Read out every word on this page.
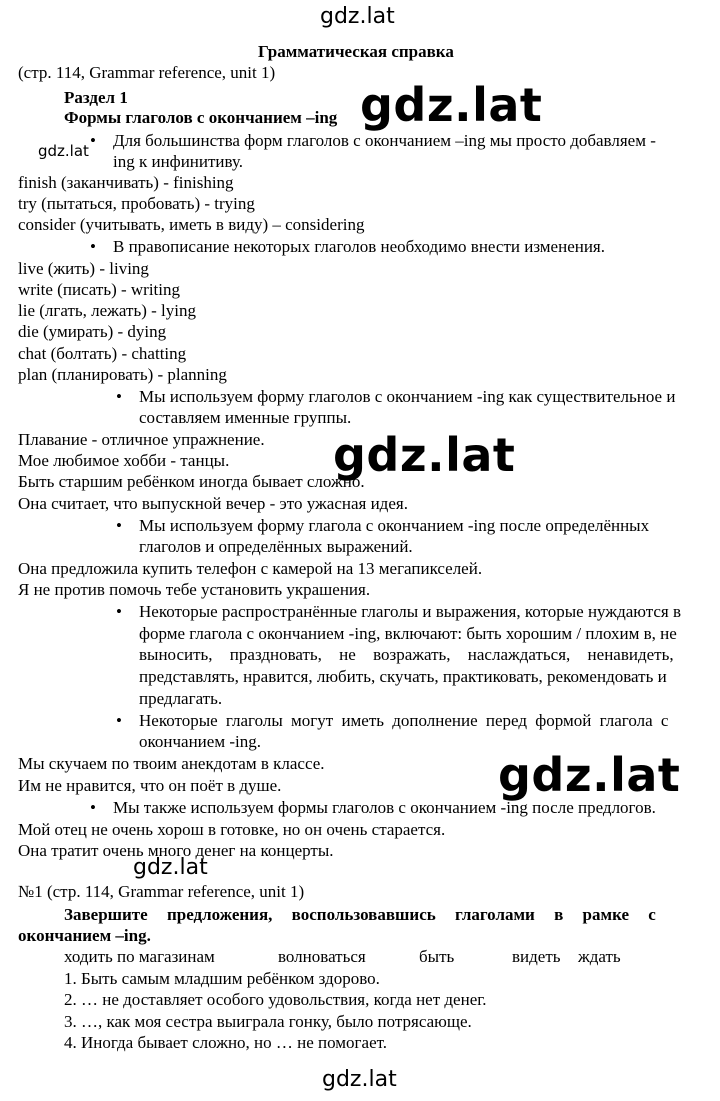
gdz.lat
gdz.lat
gdz.lat
gdz.lat
gdz.lat
gdz.lat
gdz.lat
Грамматическая справка
(стр. 114, Grammar reference, unit 1)
Раздел 1
Формы глаголов с окончанием –ing
• Для большинства форм глаголов с окончанием –ing мы просто добавляем -
ing к инфинитиву.
finish (заканчивать) - finishing
try (пытаться, пробовать) - trying
consider (учитывать, иметь в виду) – considering
• В правописание некоторых глаголов необходимо внести изменения.
live (жить) - living
write (писать) - writing
lie (лгать, лежать) - lying
die (умирать) - dying
chat (болтать) - chatting
plan (планировать) - planning
• Мы используем форму глаголов с окончанием -ing как существительное и
составляем именные группы.
Плавание - отличное упражнение.
Мое любимое хобби - танцы.
Быть старшим ребёнком иногда бывает сложно.
Она считает, что выпускной вечер - это ужасная идея.
• Мы используем форму глагола с окончанием -ing после определённых
глаголов и определённых выражений.
Она предложила купить телефон с камерой на 13 мегапикселей.
Я не против помочь тебе установить украшения.
• Некоторые распространённые глаголы и выражения, которые нуждаются в
форме глагола с окончанием -ing, включают: быть хорошим / плохим в, не
выносить, праздновать, не возражать, наслаждаться, ненавидеть,
представлять, нравится, любить, скучать, практиковать, рекомендовать и
предлагать.
• Некоторые глаголы могут иметь дополнение перед формой глагола с
окончанием -ing.
Мы скучаем по твоим анекдотам в классе.
Им не нравится, что он поёт в душе.
• Мы также используем формы глаголов с окончанием -ing после предлогов.
Мой отец не очень хорош в готовке, но он очень старается.
Она тратит очень много денег на концерты.
№1 (стр. 114, Grammar reference, unit 1)
Завершите предложения, воспользовавшись глаголами в рамке с
окончанием –ing.
ходить по магазинам	волноваться	быть	видеть ждать
1. Быть самым младшим ребёнком здорово.
2. … не доставляет особого удовольствия, когда нет денег.
3. …, как моя сестра выиграла гонку, было потрясающе.
4. Иногда бывает сложно, но … не помогает.
